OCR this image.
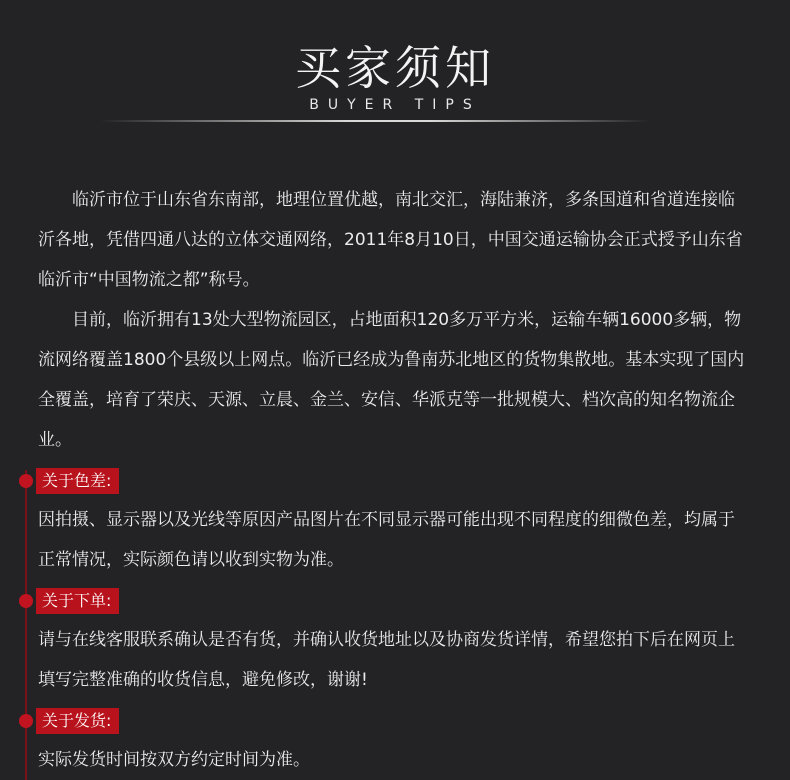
买家须知
BUYER TIPS

临沂市位于山东省东南部，地理位置优越，南北交汇，海陆兼济，多条国道和省道连接临沂各地，凭借四通八达的立体交通网络，2011年8月10日，中国交通运输协会正式授予山东省临沂市“中国物流之都”称号。

目前，临沂拥有13处大型物流园区，占地面积120多万平方米，运输车辆16000多辆，物流网络覆盖1800个县级以上网点。临沂已经成为鲁南苏北地区的货物集散地。基本实现了国内全覆盖，培育了荣庆、天源、立晨、金兰、安信、华派克等一批规模大、档次高的知名物流企业。

关于色差:

因拍摄、显示器以及光线等原因产品图片在不同显示器可能出现不同程度的细微色差，均属于正常情况，实际颜色请以收到实物为准。

关于下单:

请与在线客服联系确认是否有货，并确认收货地址以及协商发货详情，希望您拍下后在网页上填写完整准确的收货信息，避免修改，谢谢!

关于发货:

实际发货时间按双方约定时间为准。
